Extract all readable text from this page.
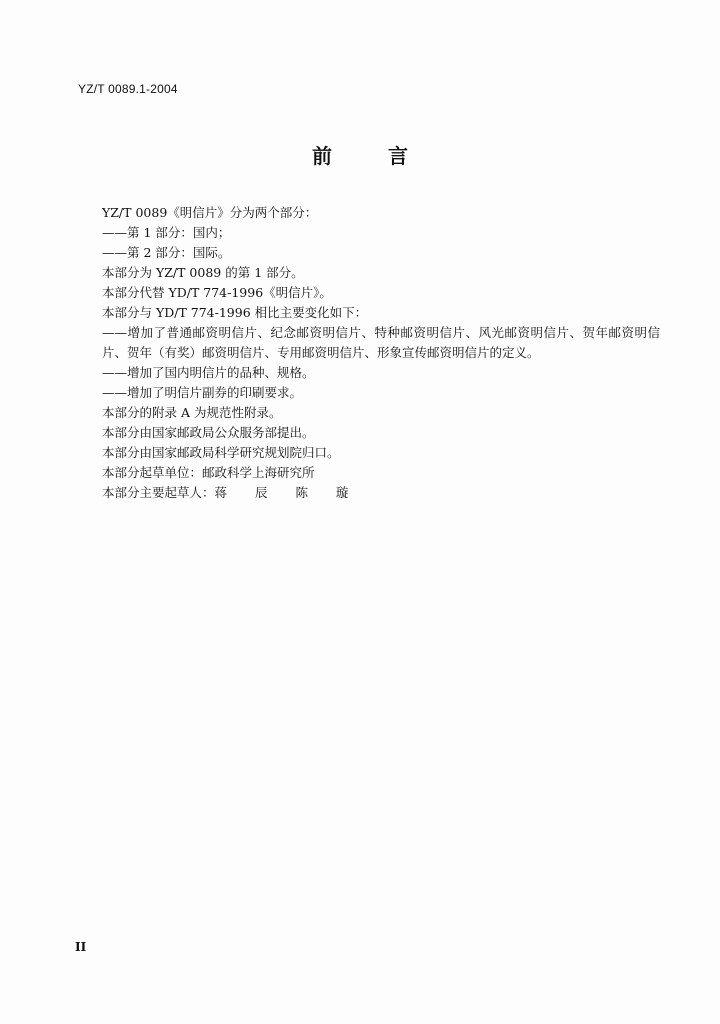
YZ/T 0089.1-2004
前言
YZ/T 0089《明信片》分为两个部分：
——第 1 部分：国内；
——第 2 部分：国际。
本部分为 YZ/T 0089 的第 1 部分。
本部分代替 YD/T 774-1996《明信片》。
本部分与 YD/T 774-1996 相比主要变化如下：
——增加了普通邮资明信片、纪念邮资明信片、特种邮资明信片、风光邮资明信片、贺年邮资明信片、贺年（有奖）邮资明信片、专用邮资明信片、形象宣传邮资明信片的定义。
——增加了国内明信片的品种、规格。
——增加了明信片副券的印刷要求。
本部分的附录 A 为规范性附录。
本部分由国家邮政局公众服务部提出。
本部分由国家邮政局科学研究规划院归口。
本部分起草单位：邮政科学上海研究所
本部分主要起草人：蒋 辰 陈 璇
II
